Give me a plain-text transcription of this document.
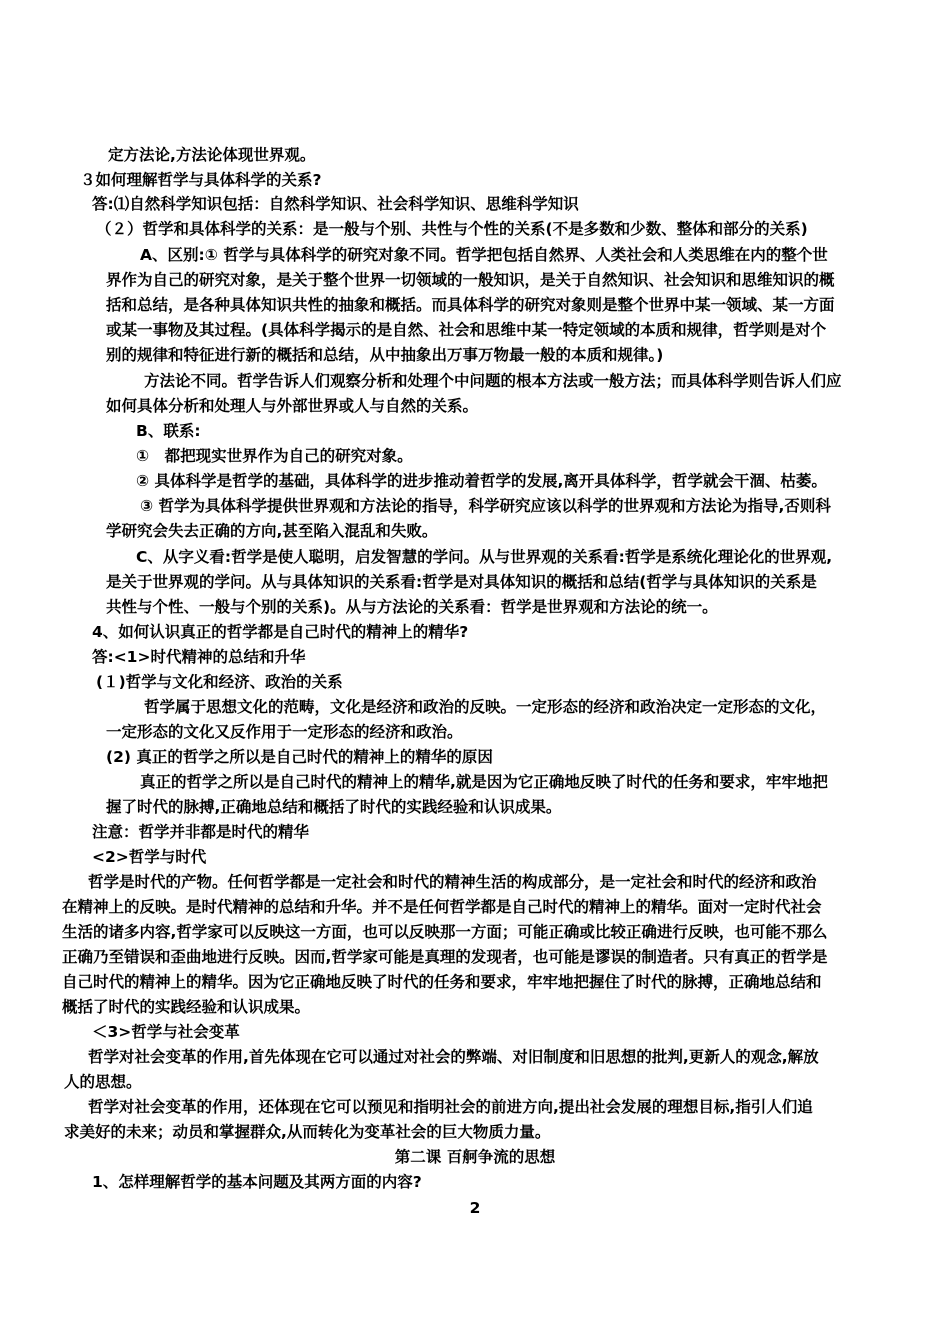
定方法论,方法论体现世界观。
３如何理解哲学与具体科学的关系?
答:⑴自然科学知识包括：自然科学知识、社会科学知识、思维科学知识
（２）哲学和具体科学的关系：是一般与个别、共性与个性的关系(不是多数和少数、整体和部分的关系)
A、区别:① 哲学与具体科学的研究对象不同。哲学把包括自然界、人类社会和人类思维在内的整个世
界作为自己的研究对象，是关于整个世界一切领域的一般知识，是关于自然知识、社会知识和思维知识的概
括和总结，是各种具体知识共性的抽象和概括。而具体科学的研究对象则是整个世界中某一领域、某一方面
或某一事物及其过程。(具体科学揭示的是自然、社会和思维中某一特定领域的本质和规律，哲学则是对个
别的规律和特征进行新的概括和总结，从中抽象出万事万物最一般的本质和规律。)
方法论不同。哲学告诉人们观察分析和处理个中问题的根本方法或一般方法；而具体科学则告诉人们应
如何具体分析和处理人与外部世界或人与自然的关系。
B、联系:
①　都把现实世界作为自己的研究对象。
② 具体科学是哲学的基础，具体科学的进步推动着哲学的发展,离开具体科学，哲学就会干涸、枯萎。
③ 哲学为具体科学提供世界观和方法论的指导，科学研究应该以科学的世界观和方法论为指导,否则科
学研究会失去正确的方向,甚至陷入混乱和失败。
C、从字义看:哲学是使人聪明，启发智慧的学问。从与世界观的关系看:哲学是系统化理论化的世界观,
是关于世界观的学问。从与具体知识的关系看:哲学是对具体知识的概括和总结(哲学与具体知识的关系是
共性与个性、一般与个别的关系)。从与方法论的关系看：哲学是世界观和方法论的统一。
4、如何认识真正的哲学都是自己时代的精神上的精华?
答:<1>时代精神的总结和升华
(１)哲学与文化和经济、政治的关系
哲学属于思想文化的范畴，文化是经济和政治的反映。一定形态的经济和政治决定一定形态的文化，
一定形态的文化又反作用于一定形态的经济和政治。
(2) 真正的哲学之所以是自己时代的精神上的精华的原因
真正的哲学之所以是自己时代的精神上的精华,就是因为它正确地反映了时代的任务和要求，牢牢地把
握了时代的脉搏,正确地总结和概括了时代的实践经验和认识成果。
注意：哲学并非都是时代的精华
<2>哲学与时代
哲学是时代的产物。任何哲学都是一定社会和时代的精神生活的构成部分，是一定社会和时代的经济和政治
在精神上的反映。是时代精神的总结和升华。并不是任何哲学都是自己时代的精神上的精华。面对一定时代社会
生活的诸多内容,哲学家可以反映这一方面，也可以反映那一方面；可能正确或比较正确进行反映，也可能不那么
正确乃至错误和歪曲地进行反映。因而,哲学家可能是真理的发现者，也可能是谬误的制造者。只有真正的哲学是
自己时代的精神上的精华。因为它正确地反映了时代的任务和要求，牢牢地把握住了时代的脉搏，正确地总结和
概括了时代的实践经验和认识成果。
＜3>哲学与社会变革
哲学对社会变革的作用,首先体现在它可以通过对社会的弊端、对旧制度和旧思想的批判,更新人的观念,解放
人的思想。
哲学对社会变革的作用，还体现在它可以预见和指明社会的前进方向,提出社会发展的理想目标,指引人们追
求美好的未来；动员和掌握群众,从而转化为变革社会的巨大物质力量。
第二课 百舸争流的思想
1、怎样理解哲学的基本问题及其两方面的内容?
2
